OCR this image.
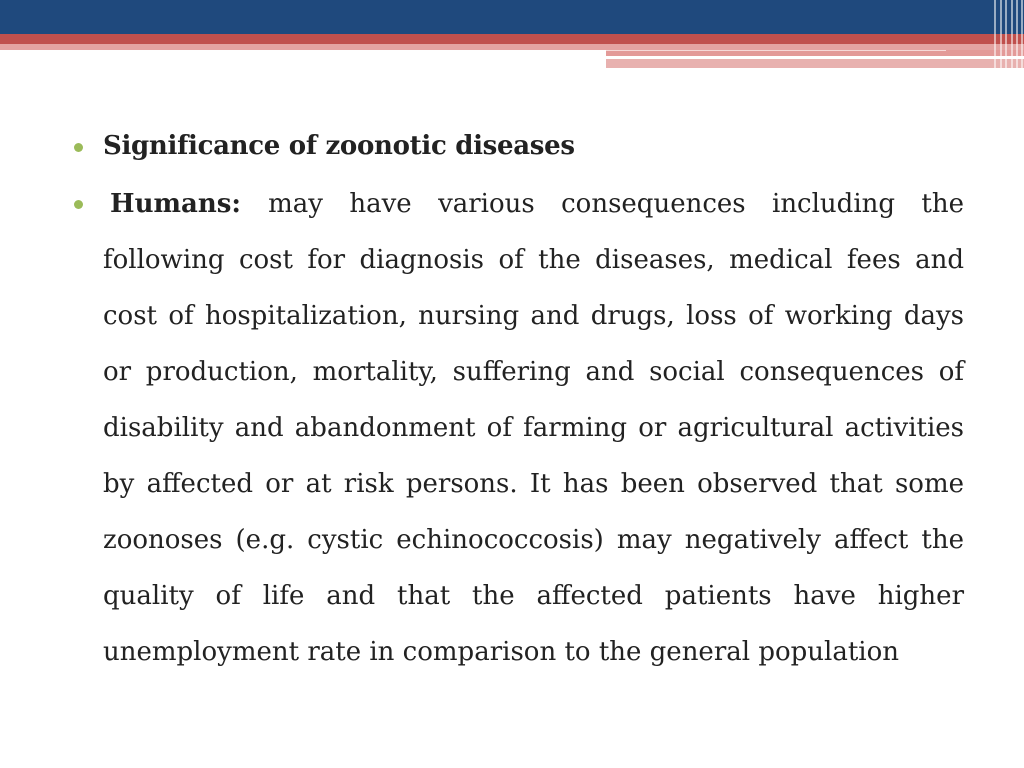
Significance of zoonotic diseases
Humans: may have various consequences including the following cost for diagnosis of the diseases, medical fees and cost of hospitalization, nursing and drugs, loss of working days or production, mortality, suffering and social consequences of disability and abandonment of farming or agricultural activities by affected or at risk persons. It has been observed that some zoonoses (e.g. cystic echinococcosis) may negatively affect the quality of life and that the affected patients have higher unemployment rate in comparison to the general population
